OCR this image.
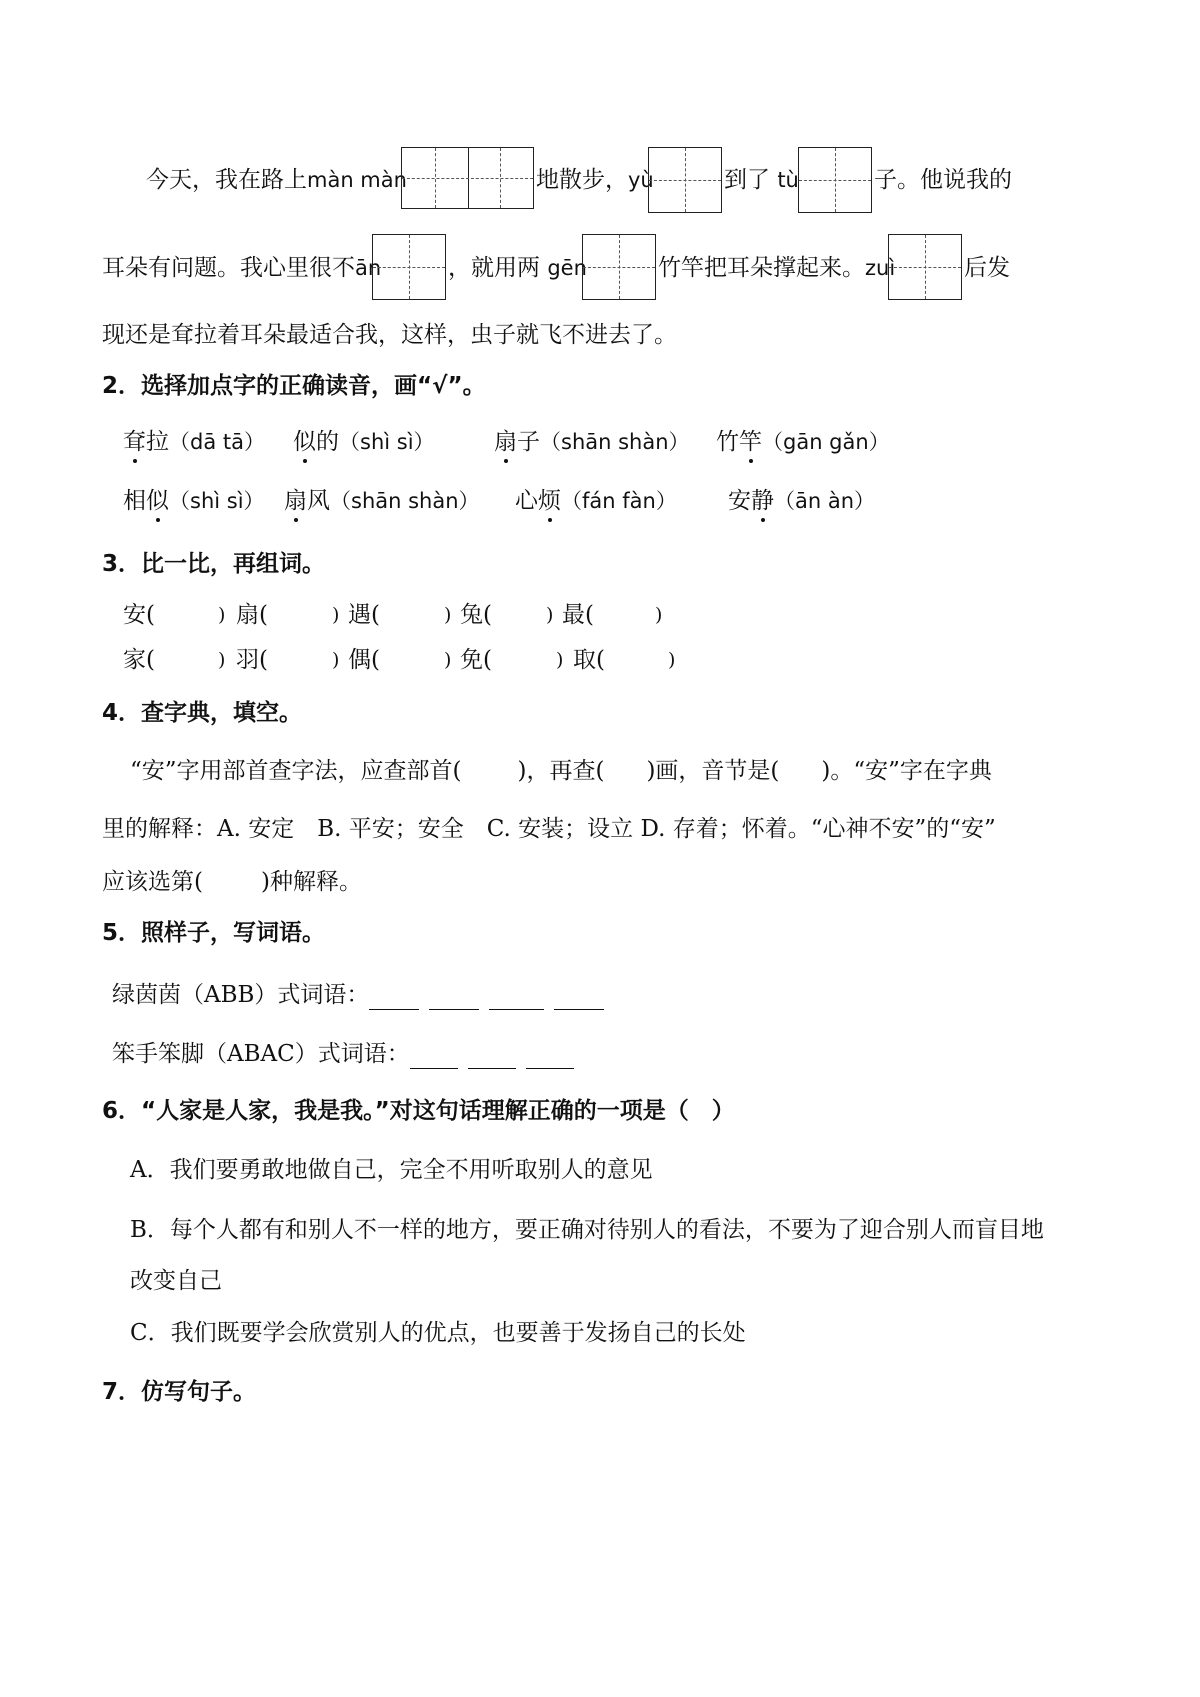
今天，我在路上màn màn	地散步，yù	到了 tù	子。他说我的
耳朵有问题。我心里很不ān	，就用两 gēn	竹竿把耳朵撑起来。zuì	后发
现还是耷拉着耳朵最适合我，这样，虫子就飞不进去了。
2．选择加点字的正确读音，画“√”。
耷拉（dā tā） 似的（shì sì）	扇子（shān shàn） 竹竿（gān gǎn）
相似（shì sì） 扇风（shān shàn） 心烦（fán fàn） 安静（ān àn）
3．比一比，再组词。
安(	) 扇(	) 遇(	) 兔(	) 最(	)
家(	) 羽(	) 偶(	) 免(	) 取(	)
4．查字典，填空。
“安”字用部首查字法，应查部首( )，再查( )画，音节是( )。“安”字在字典
里的解释：A. 安定　B. 平安；安全　C. 安装；设立 D. 存着；怀着。“心神不安”的“安”
应该选第(	)种解释。
5．照样子，写词语。
绿茵茵（ABB）式词语：
笨手笨脚（ABAC）式词语：
6．“人家是人家，我是我。”对这句话理解正确的一项是（　）
A．我们要勇敢地做自己，完全不用听取别人的意见
B．每个人都有和别人不一样的地方，要正确对待别人的看法，不要为了迎合别人而盲目地
改变自己
C．我们既要学会欣赏别人的优点，也要善于发扬自己的长处
7．仿写句子。
